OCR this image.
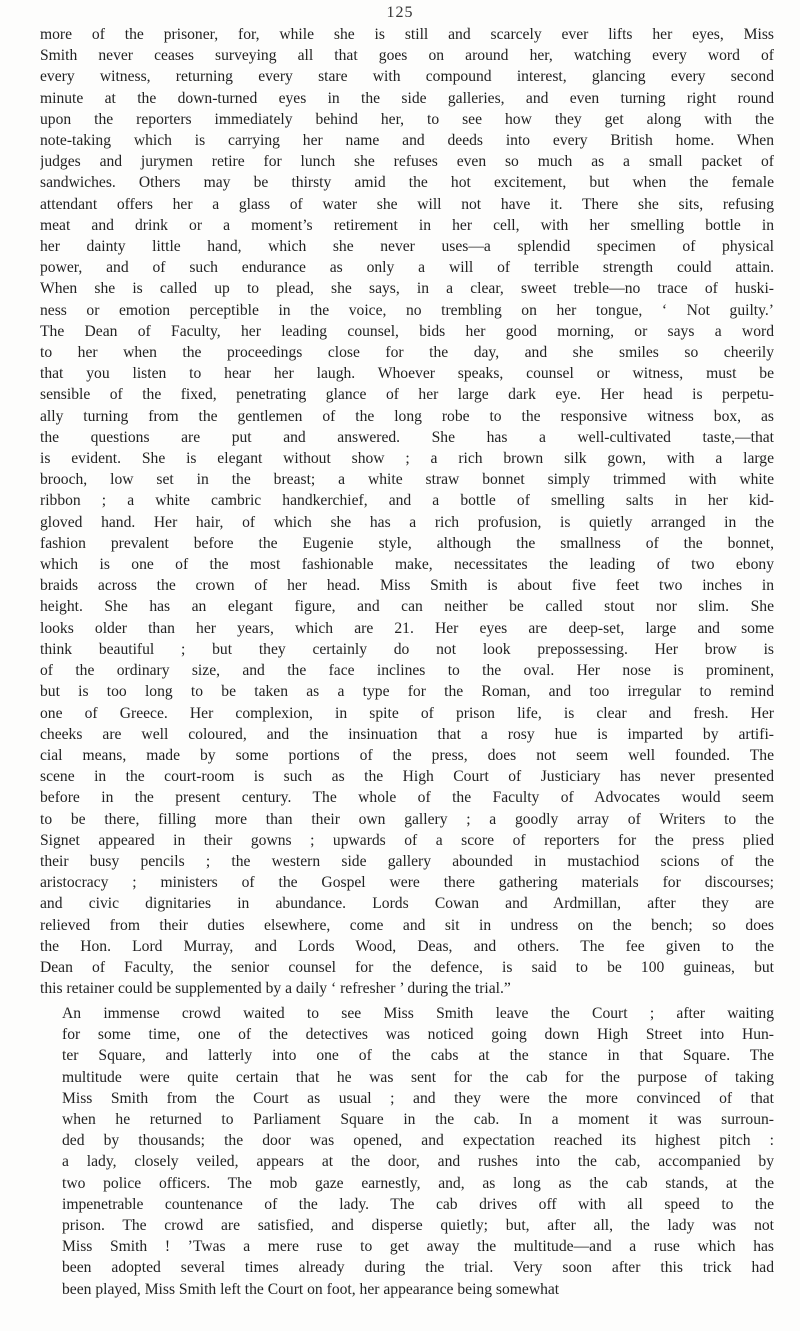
125
more of the prisoner, for, while she is still and scarcely ever lifts her eyes, Miss
Smith never ceases surveying all that goes on around her, watching every word of
every witness, returning every stare with compound interest, glancing every second
minute at the down-turned eyes in the side galleries, and even turning right round
upon the reporters immediately behind her, to see how they get along with the
note-taking which is carrying her name and deeds into every British home. When
judges and jurymen retire for lunch she refuses even so much as a small packet of
sandwiches. Others may be thirsty amid the hot excitement, but when the female
attendant offers her a glass of water she will not have it. There she sits, refusing
meat and drink or a moment’s retirement in her cell, with her smelling bottle in
her dainty little hand, which she never uses—a splendid specimen of physical
power, and of such endurance as only a will of terrible strength could attain.
When she is called up to plead, she says, in a clear, sweet treble—no trace of huski-
ness or emotion perceptible in the voice, no trembling on her tongue, ‘ Not guilty.’
The Dean of Faculty, her leading counsel, bids her good morning, or says a word
to her when the proceedings close for the day, and she smiles so cheerily
that you listen to hear her laugh. Whoever speaks, counsel or witness, must be
sensible of the fixed, penetrating glance of her large dark eye. Her head is perpetu-
ally turning from the gentlemen of the long robe to the responsive witness box, as
the questions are put and answered. She has a well-cultivated taste,—that
is evident. She is elegant without show ; a rich brown silk gown, with a large
brooch, low set in the breast; a white straw bonnet simply trimmed with white
ribbon ; a white cambric handkerchief, and a bottle of smelling salts in her kid-
gloved hand. Her hair, of which she has a rich profusion, is quietly arranged in the
fashion prevalent before the Eugenie style, although the smallness of the bonnet,
which is one of the most fashionable make, necessitates the leading of two ebony
braids across the crown of her head. Miss Smith is about five feet two inches in
height. She has an elegant figure, and can neither be called stout nor slim. She
looks older than her years, which are 21. Her eyes are deep-set, large and some
think beautiful ; but they certainly do not look prepossessing. Her brow is
of the ordinary size, and the face inclines to the oval. Her nose is prominent,
but is too long to be taken as a type for the Roman, and too irregular to remind
one of Greece. Her complexion, in spite of prison life, is clear and fresh. Her
cheeks are well coloured, and the insinuation that a rosy hue is imparted by artifi-
cial means, made by some portions of the press, does not seem well founded. The
scene in the court-room is such as the High Court of Justiciary has never presented
before in the present century. The whole of the Faculty of Advocates would seem
to be there, filling more than their own gallery ; a goodly array of Writers to the
Signet appeared in their gowns ; upwards of a score of reporters for the press plied
their busy pencils ; the western side gallery abounded in mustachiod scions of the
aristocracy ; ministers of the Gospel were there gathering materials for discourses;
and civic dignitaries in abundance. Lords Cowan and Ardmillan, after they are
relieved from their duties elsewhere, come and sit in undress on the bench; so does
the Hon. Lord Murray, and Lords Wood, Deas, and others. The fee given to the
Dean of Faculty, the senior counsel for the defence, is said to be 100 guineas, but
this retainer could be supplemented by a daily ‘ refresher ’ during the trial.”
An immense crowd waited to see Miss Smith leave the Court ; after waiting
for some time, one of the detectives was noticed going down High Street into Hun-
ter Square, and latterly into one of the cabs at the stance in that Square. The
multitude were quite certain that he was sent for the cab for the purpose of taking
Miss Smith from the Court as usual ; and they were the more convinced of that
when he returned to Parliament Square in the cab. In a moment it was surroun-
ded by thousands; the door was opened, and expectation reached its highest pitch :
a lady, closely veiled, appears at the door, and rushes into the cab, accompanied by
two police officers. The mob gaze earnestly, and, as long as the cab stands, at the
impenetrable countenance of the lady. The cab drives off with all speed to the
prison. The crowd are satisfied, and disperse quietly; but, after all, the lady was not
Miss Smith ! ’Twas a mere ruse to get away the multitude—and a ruse which has
been adopted several times already during the trial. Very soon after this trick had
been played, Miss Smith left the Court on foot, her appearance being somewhat
